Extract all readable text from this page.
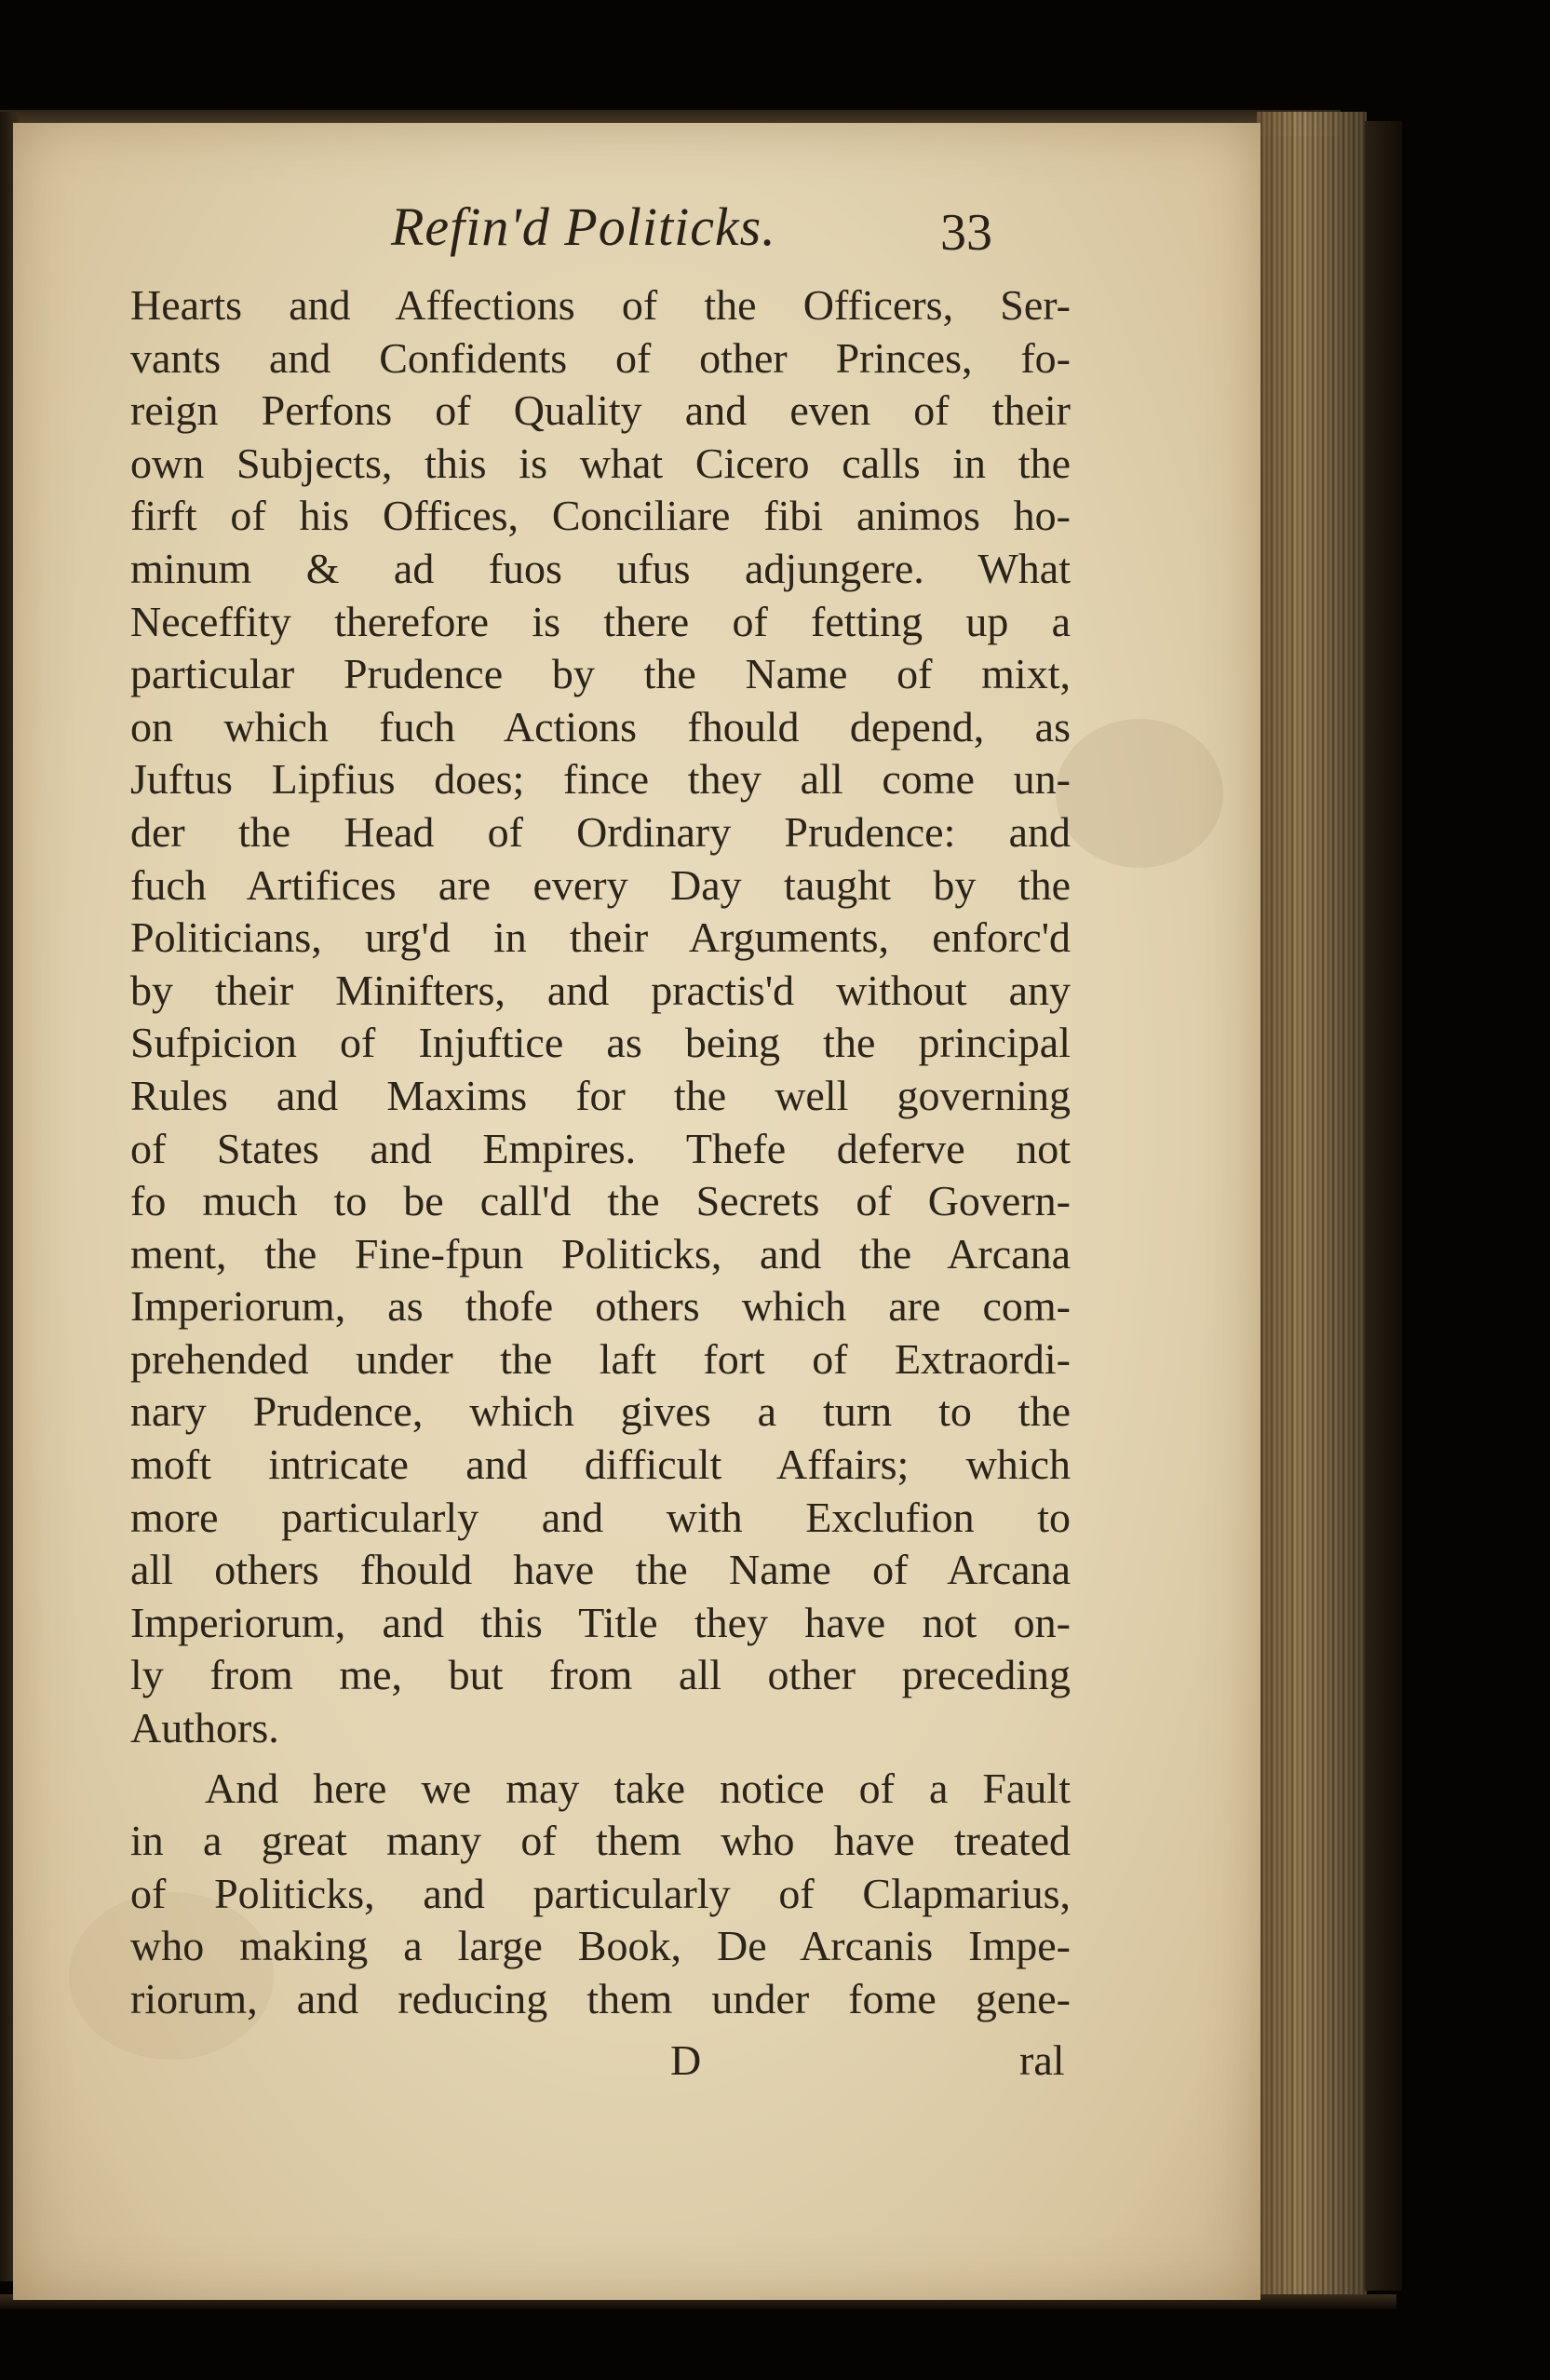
Refin'd Politicks.	33
Hearts and Affections of the Officers, Ser-
vants and Confidents of other Princes, fo-
reign Perfons of Quality and even of their
own Subjects, this is what Cicero calls in the
firft of his Offices, Conciliare fibi animos ho-
minum & ad fuos ufus adjungere. What
Neceffity therefore is there of fetting up a
particular Prudence by the Name of mixt,
on which fuch Actions fhould depend, as
Juftus Lipfius does; fince they all come un-
der the Head of Ordinary Prudence: and
fuch Artifices are every Day taught by the
Politicians, urg'd in their Arguments, enforc'd
by their Minifters, and practis'd without any
Sufpicion of Injuftice as being the principal
Rules and Maxims for the well governing
of States and Empires. Thefe deferve not
fo much to be call'd the Secrets of Govern-
ment, the Fine-fpun Politicks, and the Arcana
Imperiorum, as thofe others which are com-
prehended under the laft fort of Extraordi-
nary Prudence, which gives a turn to the
moft intricate and difficult Affairs; which
more particularly and with Exclufion to
all others fhould have the Name of Arcana
Imperiorum, and this Title they have not on-
ly from me, but from all other preceding
Authors.
And here we may take notice of a Fault
in a great many of them who have treated
of Politicks, and particularly of Clapmarius,
who making a large Book, De Arcanis Impe-
riorum, and reducing them under fome gene-
D	ral
